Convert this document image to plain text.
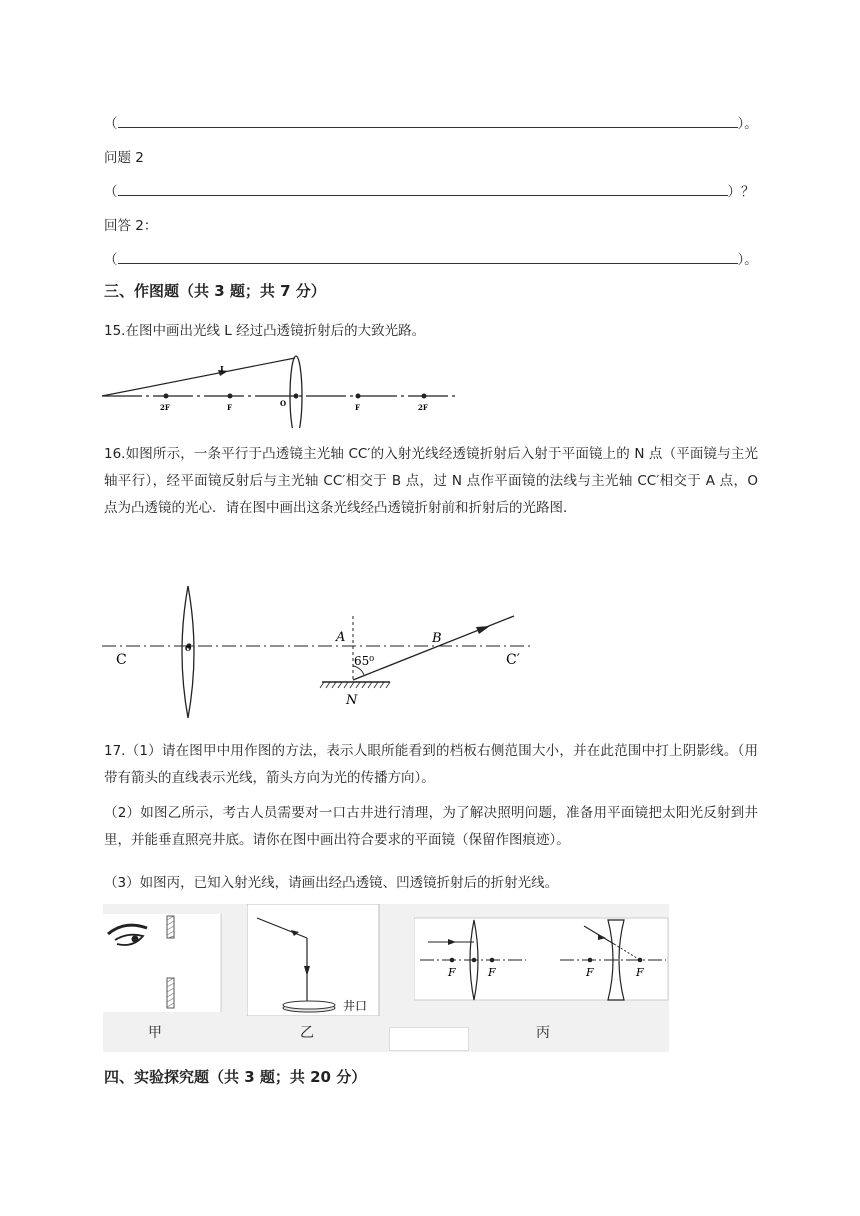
（	）。
问题 2
（	）？
回答 2：
（	）。
三、作图题（共 3 题；共 7 分）
15.在图中画出光线 L 经过凸透镜折射后的大致光路。
L
2F	F	O	F	2F
16.如图所示，一条平行于凸透镜主光轴 CC′的入射光线经透镜折射后入射于平面镜上的 N 点（平面镜与主光轴平行），经平面镜反射后与主光轴 CC′相交于 B 点，过 N 点作平面镜的法线与主光轴 CC′相交于 A 点，O 点为凸透镜的光心．请在图中画出这条光线经凸透镜折射前和折射后的光路图．
C
O
A	B
C′
65⁰
N
17.（1）请在图甲中用作图的方法，表示人眼所能看到的档板右侧范围大小，并在此范围中打上阴影线。（用带有箭头的直线表示光线，箭头方向为光的传播方向）。
（2）如图乙所示，考古人员需要对一口古井进行清理，为了解决照明问题，准备用平面镜把太阳光反射到井里，并能垂直照亮井底。请你在图中画出符合要求的平面镜（保留作图痕迹）。
（3）如图丙，已知入射光线，请画出经凸透镜、凹透镜折射后的折射光线。
井口
F	F	F	F
甲	乙	丙
四、实验探究题（共 3 题；共 20 分）
